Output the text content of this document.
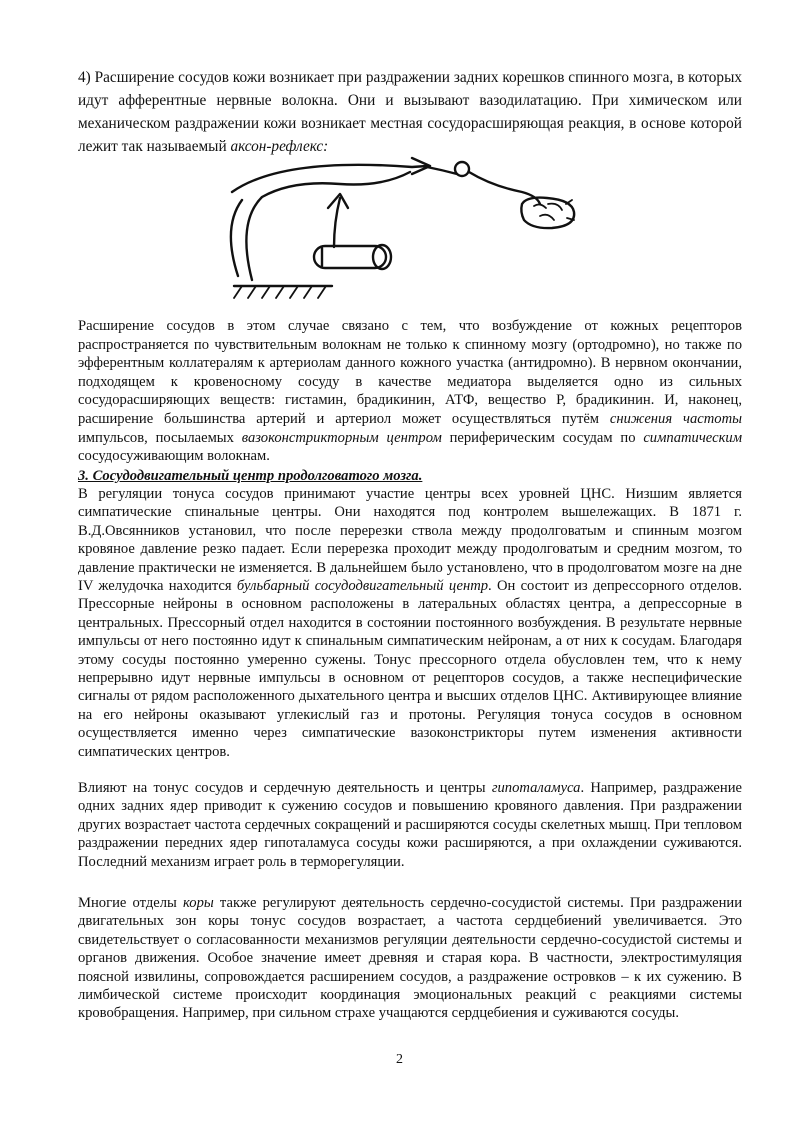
4) Расширение сосудов кожи возникает при раздражении задних корешков спинного мозга, в которых идут афферентные нервные волокна. Они и вызывают вазодилатацию. При химическом или механическом раздражении кожи возникает местная сосудорасширяющая реакция, в основе которой лежит так называемый аксон-рефлекс:

Расширение сосудов в этом случае связано с тем, что возбуждение от кожных рецепторов распространяется по чувствительным волокнам не только к спинному мозгу (ортодромно), но также по эфферентным коллатералям к артериолам данного кожного участка (антидромно). В нервном окончании, подходящем к кровеносному сосуду в качестве медиатора выделяется одно из сильных сосудорасширяющих веществ: гистамин, брадикинин, АТФ, вещество Р, брадикинин. И, наконец, расширение большинства артерий и артериол может осуществляться путём снижения частоты импульсов, посылаемых вазоконстрикторным центром периферическим сосудам по симпатическим сосудосуживающим волокнам.

3. Сосудодвигательный центр продолговатого мозга.

В регуляции тонуса сосудов принимают участие центры всех уровней ЦНС. Низшим является симпатические спинальные центры. Они находятся под контролем вышележащих. В 1871 г. В.Д.Овсянников установил, что после перерезки ствола между продолговатым и спинным мозгом кровяное давление резко падает. Если перерезка проходит между продолговатым и средним мозгом, то давление практически не изменяется. В дальнейшем было установлено, что в продолговатом мозге на дне IV желудочка находится бульбарный сосудодвигательный центр. Он состоит из депрессорного отделов. Прессорные нейроны в основном расположены в латеральных областях центра, а депрессорные в центральных. Прессорный отдел находится в состоянии постоянного возбуждения. В результате нервные импульсы от него постоянно идут к спинальным симпатическим нейронам, а от них к сосудам. Благодаря этому сосуды постоянно умеренно сужены. Тонус прессорного отдела обусловлен тем, что к нему непрерывно идут нервные импульсы в основном от рецепторов сосудов, а также неспецифические сигналы от рядом расположенного дыхательного центра и высших отделов ЦНС. Активирующее влияние на его нейроны оказывают углекислый газ и протоны. Регуляция тонуса сосудов в основном осуществляется именно через симпатические вазоконстрикторы путем изменения активности симпатических центров.

Влияют на тонус сосудов и сердечную деятельность и центры гипоталамуса. Например, раздражение одних задних ядер приводит к сужению сосудов и повышению кровяного давления. При раздражении других возрастает частота сердечных сокращений и расширяются сосуды скелетных мышц. При тепловом раздражении передних ядер гипоталамуса сосуды кожи расширяются, а при охлаждении суживаются. Последний механизм играет роль в терморегуляции.

Многие отделы коры также регулируют деятельность сердечно-сосудистой системы. При раздражении двигательных зон коры тонус сосудов возрастает, а частота сердцебиений увеличивается. Это свидетельствует о согласованности механизмов регуляции деятельности сердечно-сосудистой системы и органов движения. Особое значение имеет древняя и старая кора. В частности, электростимуляция поясной извилины, сопровождается расширением сосудов, а раздражение островков – к их сужению. В лимбической системе происходит координация эмоциональных реакций с реакциями системы кровобращения. Например, при сильном страхе учащаются сердцебиения и суживаются сосуды.

2
